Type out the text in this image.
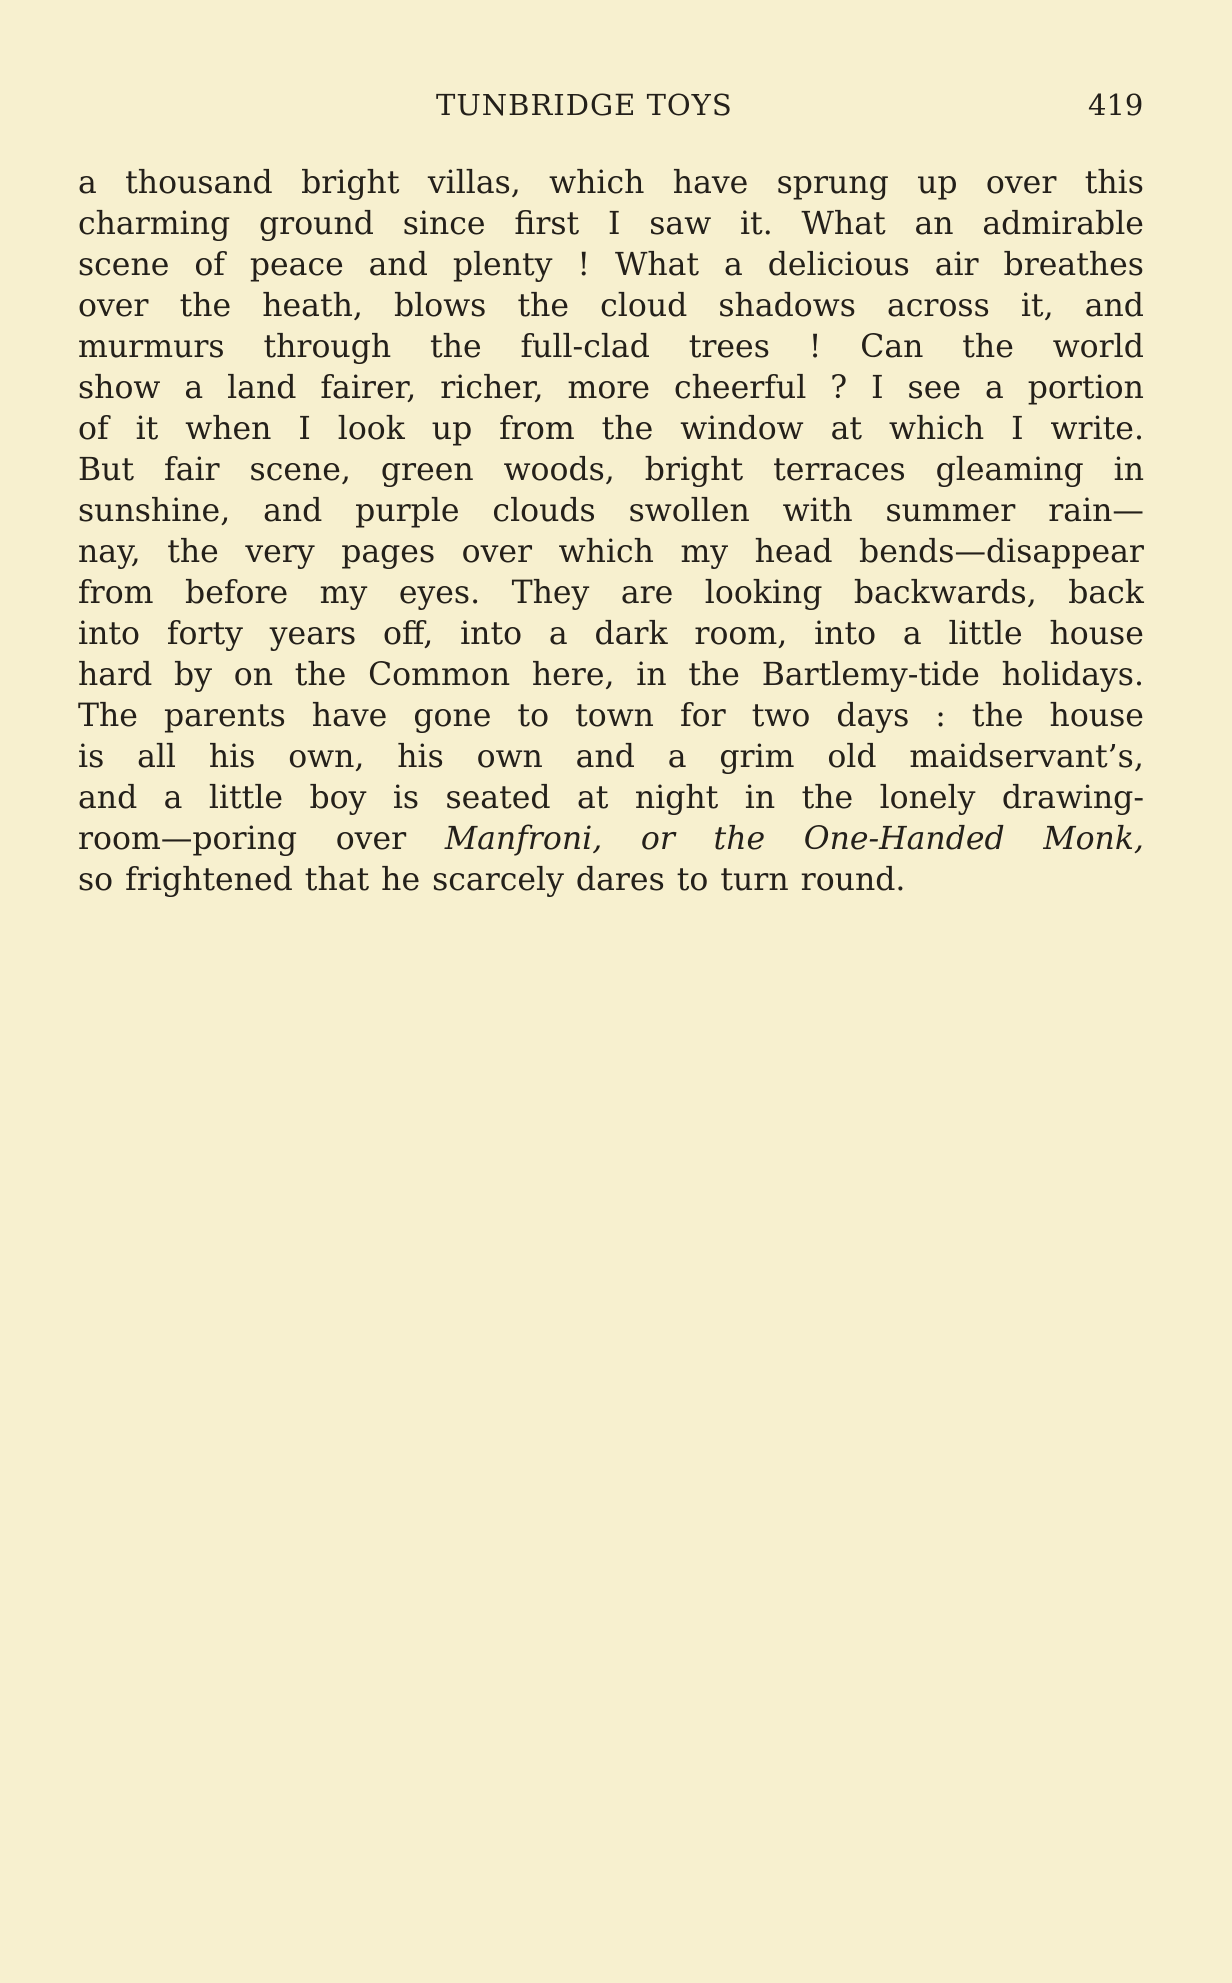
TUNBRIDGE TOYS	419
a thousand bright villas, which have sprung up over this
charming ground since first I saw it. What an admirable
scene of peace and plenty ! What a delicious air breathes
over the heath, blows the cloud shadows across it, and
murmurs through the full-clad trees ! Can the world
show a land fairer, richer, more cheerful ? I see a portion
of it when I look up from the window at which I write.
But fair scene, green woods, bright terraces gleaming in
sunshine, and purple clouds swollen with summer rain—
nay, the very pages over which my head bends—disappear
from before my eyes. They are looking backwards, back
into forty years off, into a dark room, into a little house
hard by on the Common here, in the Bartlemy-tide holidays.
The parents have gone to town for two days : the house
is all his own, his own and a grim old maidservant’s,
and a little boy is seated at night in the lonely drawing-
room—poring over Manfroni, or the One-Handed Monk,
so frightened that he scarcely dares to turn round.
